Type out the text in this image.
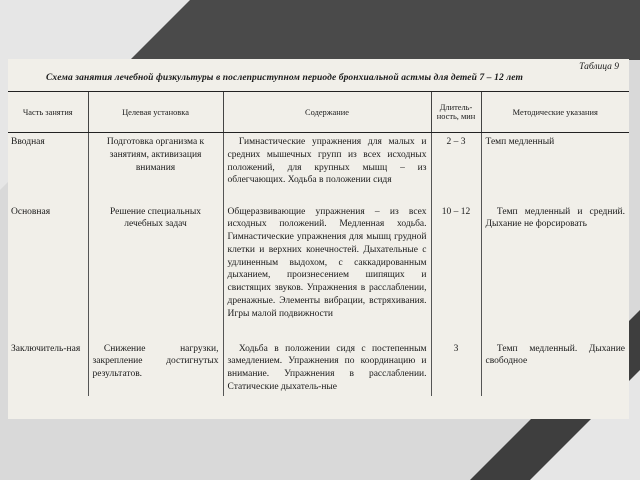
Таблица 9
Схема занятия лечебной физкультуры в послеприступном периоде бронхиальной астмы для детей 7 – 12 лет
Часть занятия	Целевая установка	Содержание	Длитель-ность, мин	Методические указания
Вводная	Подготовка организма к занятиям, активизация внимания	Гимнастические упражнения для малых и средних мышечных групп из всех исходных положений, для крупных мышц – из облегчающих. Ходьба в положении сидя	2 – 3	Темп медленный
Основная	Решение специальных лечебных задач	Общеразвивающие упражнения – из всех исходных положений. Медленная ходьба. Гимнастические упражнения для мышц грудной клетки и верхних конечностей. Дыхательные с удлиненным выдохом, с саккадированным дыханием, произнесением шипящих и свистящих звуков. Упражнения в расслаблении, дренажные. Элементы вибрации, встряхивания. Игры малой подвижности	10 – 12	Темп медленный и средний. Дыхание не форсировать
Заключитель-ная	Снижение нагрузки, закрепление достигнутых результатов.	Ходьба в положении сидя с постепенным замедлением. Упражнения по координацию и внимание. Упражнения в расслаблении. Статические дыхатель-ные	3	Темп медленный. Дыхание свободное
